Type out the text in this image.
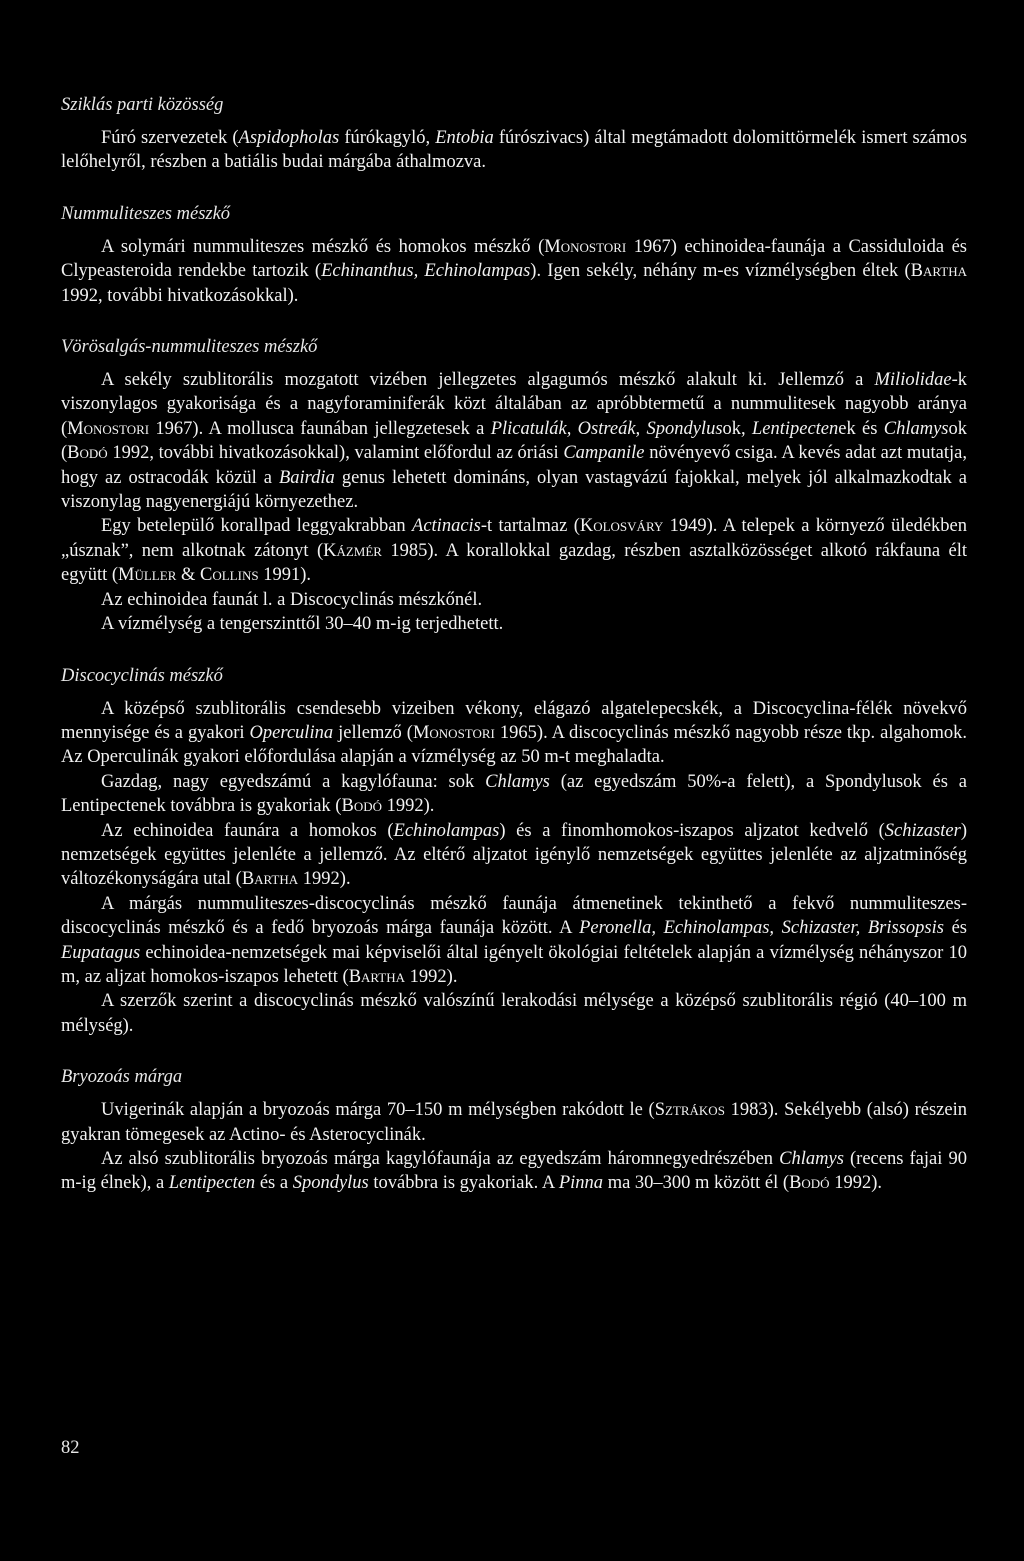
Sziklás parti közösség

Fúró szervezetek (Aspidopholas fúrókagyló, Entobia fúrószivacs) által megtámadott dolomittörmelék ismert számos lelőhelyről, részben a batiális budai márgába áthalmozva.

Nummuliteszes mészkő

A solymári nummuliteszes mészkő és homokos mészkő (Monostori 1967) echinoidea-faunája a Cassiduloida és Clypeasteroida rendekbe tartozik (Echinanthus, Echinolampas). Igen sekély, néhány m-es vízmélységben éltek (Bartha 1992, további hivatkozásokkal).

Vörösalgás-nummuliteszes mészkő

A sekély szublitorális mozgatott vizében jellegzetes algagumós mészkő alakult ki. Jellemző a Miliolidae-k viszonylagos gyakorisága és a nagyforaminiferák közt általában az apróbbtermetű a nummulitesek nagyobb aránya (Monostori 1967). A mollusca faunában jellegzetesek a Plicatulák, Ostreák, Spondylusok, Lentipectenek és Chlamysok (Bodó 1992, további hivatkozásokkal), valamint előfordul az óriási Campanile növényevő csiga. A kevés adat azt mutatja, hogy az ostracodák közül a Bairdia genus lehetett domináns, olyan vastagvázú fajokkal, melyek jól alkalmazkodtak a viszonylag nagyenergiájú környezethez.

Egy betelepülő korallpad leggyakrabban Actinacis-t tartalmaz (Kolosváry 1949). A telepek a környező üledékben „úsznak”, nem alkotnak zátonyt (Kázmér 1985). A korallokkal gazdag, részben asztalközösséget alkotó rákfauna élt együtt (Müller & Collins 1991).

Az echinoidea faunát l. a Discocyclinás mészkőnél.

A vízmélység a tengerszinttől 30–40 m-ig terjedhetett.

Discocyclinás mészkő

A középső szublitorális csendesebb vizeiben vékony, elágazó algatelepecskék, a Discocyclina-félék növekvő mennyisége és a gyakori Operculina jellemző (Monostori 1965). A discocyclinás mészkő nagyobb része tkp. algahomok. Az Operculinák gyakori előfordulása alapján a vízmélység az 50 m-t meghaladta.

Gazdag, nagy egyedszámú a kagylófauna: sok Chlamys (az egyedszám 50%-a felett), a Spondylusok és a Lentipectenek továbbra is gyakoriak (Bodó 1992).

Az echinoidea faunára a homokos (Echinolampas) és a finomhomokos-iszapos aljzatot kedvelő (Schizaster) nemzetségek együttes jelenléte a jellemző. Az eltérő aljzatot igénylő nemzetségek együttes jelenléte az aljzatminőség változékonyságára utal (Bartha 1992).

A márgás nummuliteszes-discocyclinás mészkő faunája átmenetinek tekinthető a fekvő nummuliteszes-discocyclinás mészkő és a fedő bryozoás márga faunája között. A Peronella, Echinolampas, Schizaster, Brissopsis és Eupatagus echinoidea-nemzetségek mai képviselői által igényelt ökológiai feltételek alapján a vízmélység néhányszor 10 m, az aljzat homokos-iszapos lehetett (Bartha 1992).

A szerzők szerint a discocyclinás mészkő valószínű lerakodási mélysége a középső szublitorális régió (40–100 m mélység).

Bryozoás márga

Uvigerinák alapján a bryozoás márga 70–150 m mélységben rakódott le (Sztrákos 1983). Sekélyebb (alsó) részein gyakran tömegesek az Actino- és Asterocyclinák.

Az alsó szublitorális bryozoás márga kagylófaunája az egyedszám háromnegyedrészében Chlamys (recens fajai 90 m-ig élnek), a Lentipecten és a Spondylus továbbra is gyakoriak. A Pinna ma 30–300 m között él (Bodó 1992).

82
